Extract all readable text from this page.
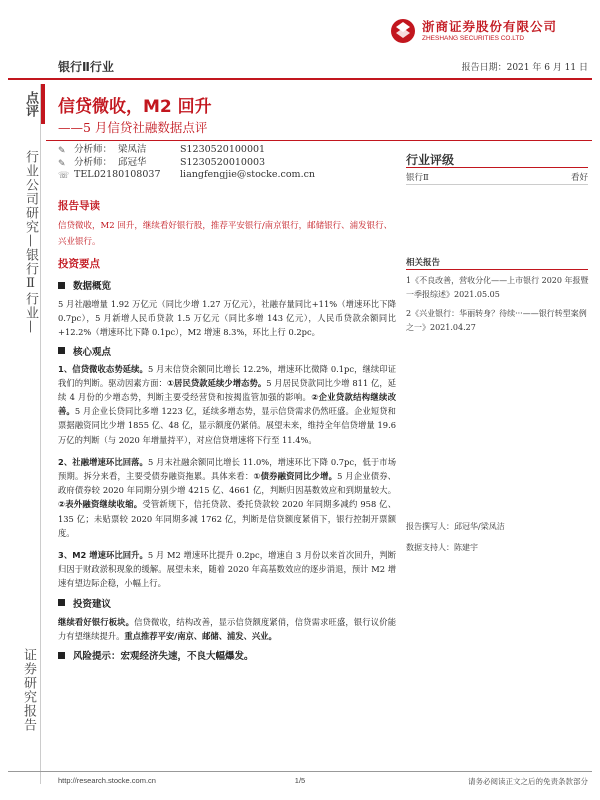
浙商证券股份有限公司
ZHESHANG SECURITIES CO.LTD
银行Ⅱ行业	报告日期：2021 年 6 月 11 日
点评
行业公司研究—银行Ⅱ行业—
证券研究报告
信贷微收，M2 回升
——5 月信贷社融数据点评
✎ 分析师： 梁凤洁	S1230520100001
✎ 分析师： 邱冠华	S1230520010003
☏ TEL:
02180108037	liangfengjie@stocke.com.cn
行业评级
银行Ⅱ	看好
相关报告
1《不良改善，营收分化——上市银行 2020 年报暨一季报综述》2021.05.05
2《兴业银行：华丽转身？待续···——银行转型案例之一》2021.04.27
报告撰写人：邱冠华/梁凤洁
数据支持人：陈建宇
报告导读
信贷微收，M2 回升，继续看好银行股，推荐平安银行/南京银行，邮储银行、浦发银行、兴业银行。
投资要点
数据概览
5 月社融增量 1.92 万亿元（同比少增 1.27 万亿元），社融存量同比+11%（增速环比下降 0.7pc），5 月新增人民币贷款 1.5 万亿元（同比多增 143 亿元），人民币贷款余额同比+12.2%（增速环比下降 0.1pc），M2 增速 8.3%，环比上行 0.2pc。
核心观点
1、信贷微收态势延续。5 月末信贷余额同比增长 12.2%，增速环比微降 0.1pc，继续印证我们的判断。驱动因素方面：①居民贷款延续少增态势。5 月居民贷款同比少增 811 亿，延续 4 月份的少增态势，判断主要受经营贷和按揭监管加强的影响。②企业贷款结构继续改善。5 月企业长贷同比多增 1223 亿，延续多增态势，显示信贷需求仍然旺盛。企业短贷和票据融资同比少增 1855 亿、48 亿，显示额度仍紧俏。展望未来，维持全年信贷增量 19.6 万亿的判断（与 2020 年增量持平），对应信贷增速将下行至 11.4%。
2、社融增速环比回落。5 月末社融余额同比增长 11.0%，增速环比下降 0.7pc，低于市场预期。拆分来看，主要受债券融资拖累。具体来看：①债券融资同比少增。5 月企业债券、政府债券较 2020 年同期分别少增 4215 亿、4661 亿，判断归因基数效应和到期量较大。②表外融资继续收缩。受管新规下，信托贷款、委托贷款较 2020 年同期多减约 958 亿、135 亿；未贴票较 2020 年同期多减 1762 亿，判断是信贷额度紧俏下，银行控制开票额度。
3、M2 增速环比回升。5 月 M2 增速环比提升 0.2pc，增速自 3 月份以来首次回升，判断归因于财政淤积现象的缓解。展望未来，随着 2020 年高基数效应的逐步消退，预计 M2 增速有望边际企稳，小幅上行。
投资建议
继续看好银行板块。信贷微收，结构改善，显示信贷额度紧俏，信贷需求旺盛，银行议价能力有望继续提升。重点推荐平安/南京、邮储、浦发、兴业。
风险提示：宏观经济失速，不良大幅爆发。
http://research.stocke.com.cn	1/5	请务必阅读正文之后的免责条款部分
